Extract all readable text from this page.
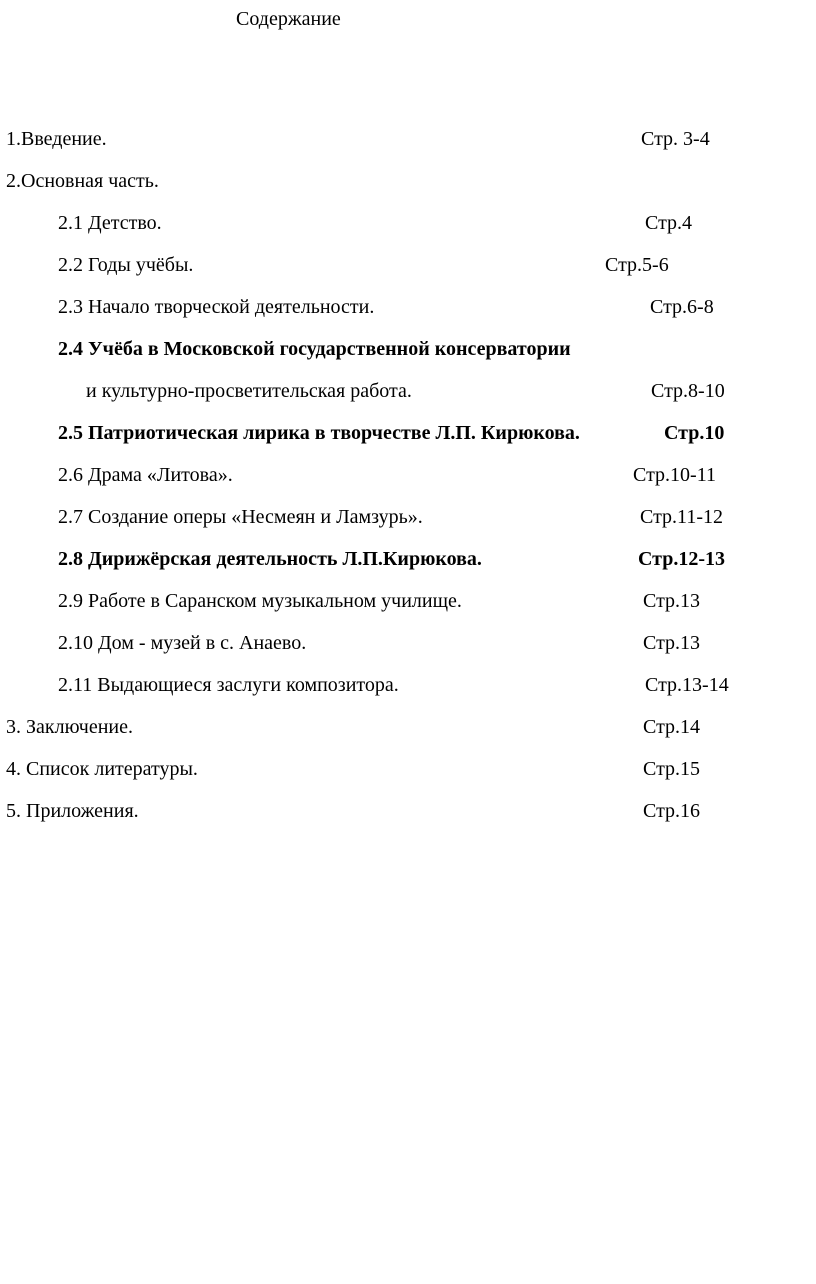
Содержание
1.Введение.	Стр. 3-4
2.Основная часть.
2.1 Детство.	Стр.4
2.2 Годы учёбы.	Стр.5-6
2.3 Начало творческой деятельности.	Стр.6-8
2.4 Учёба в Московской государственной консерватории
и культурно-просветительская работа.	Стр.8-10
2.5 Патриотическая лирика в творчестве Л.П. Кирюкова.	Стр.10
2.6 Драма «Литова».	Стр.10-11
2.7 Создание оперы «Несмеян и Ламзурь».	Стр.11-12
2.8 Дирижёрская деятельность Л.П.Кирюкова.	Стр.12-13
2.9 Работе в Саранском музыкальном училище.	Стр.13
2.10 Дом - музей в с. Анаево.	Стр.13
2.11 Выдающиеся заслуги композитора.	Стр.13-14
3. Заключение.	Стр.14
4. Список литературы.	Стр.15
5. Приложения.	Стр.16
